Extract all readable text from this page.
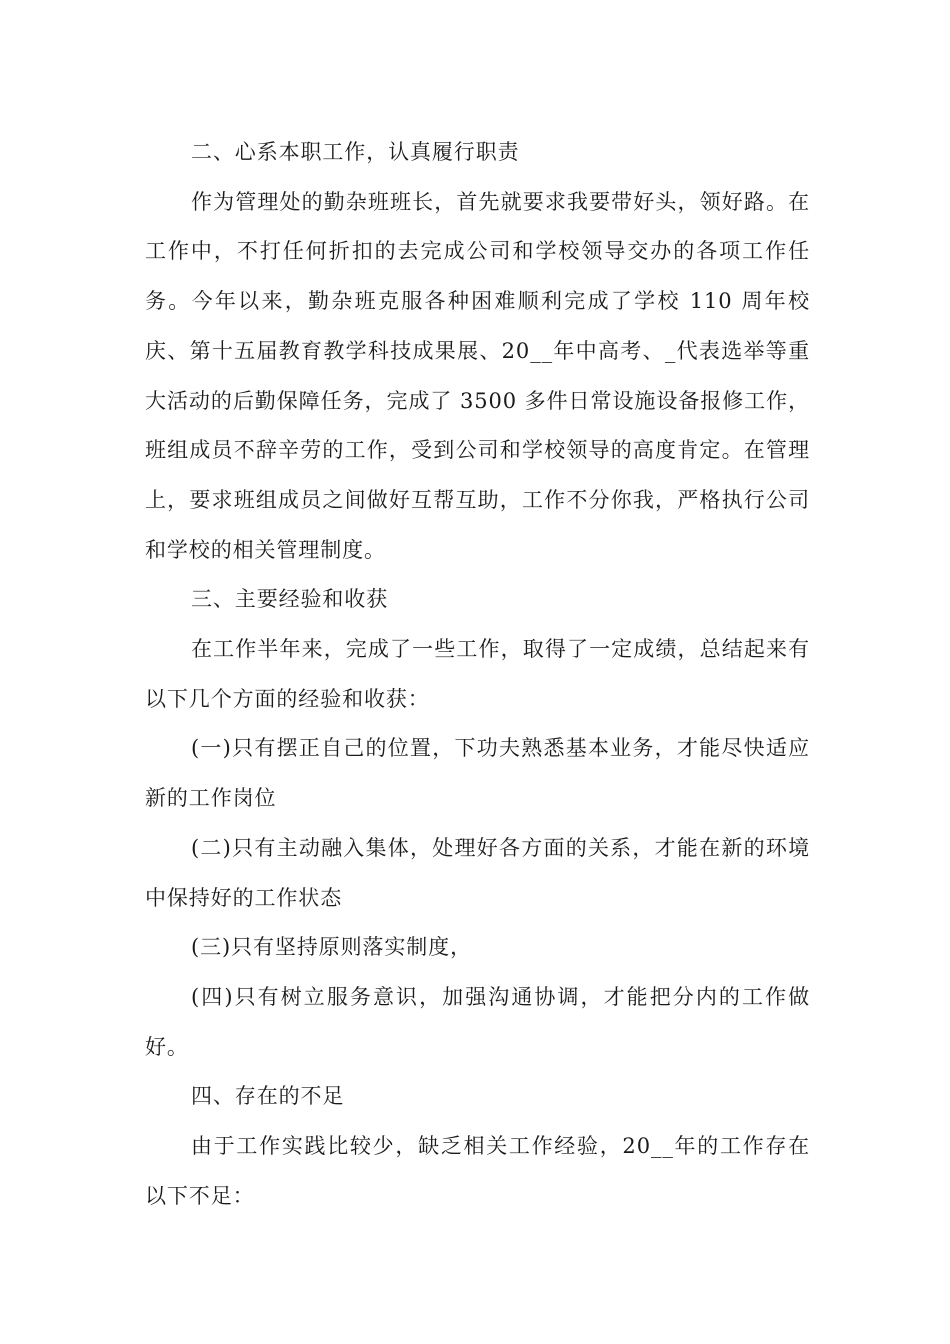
二、心系本职工作，认真履行职责

作为管理处的勤杂班班长，首先就要求我要带好头，领好路。在工作中，不打任何折扣的去完成公司和学校领导交办的各项工作任务。今年以来，勤杂班克服各种困难顺利完成了学校 110 周年校庆、第十五届教育教学科技成果展、20__年中高考、_代表选举等重大活动的后勤保障任务，完成了 3500 多件日常设施设备报修工作，班组成员不辞辛劳的工作，受到公司和学校领导的高度肯定。在管理上，要求班组成员之间做好互帮互助，工作不分你我，严格执行公司和学校的相关管理制度。

三、主要经验和收获

在工作半年来，完成了一些工作，取得了一定成绩，总结起来有以下几个方面的经验和收获：

(一)只有摆正自己的位置，下功夫熟悉基本业务，才能尽快适应新的工作岗位

(二)只有主动融入集体，处理好各方面的关系，才能在新的环境中保持好的工作状态

(三)只有坚持原则落实制度，

(四)只有树立服务意识，加强沟通协调，才能把分内的工作做好。

四、存在的不足

由于工作实践比较少，缺乏相关工作经验，20__年的工作存在以下不足：
